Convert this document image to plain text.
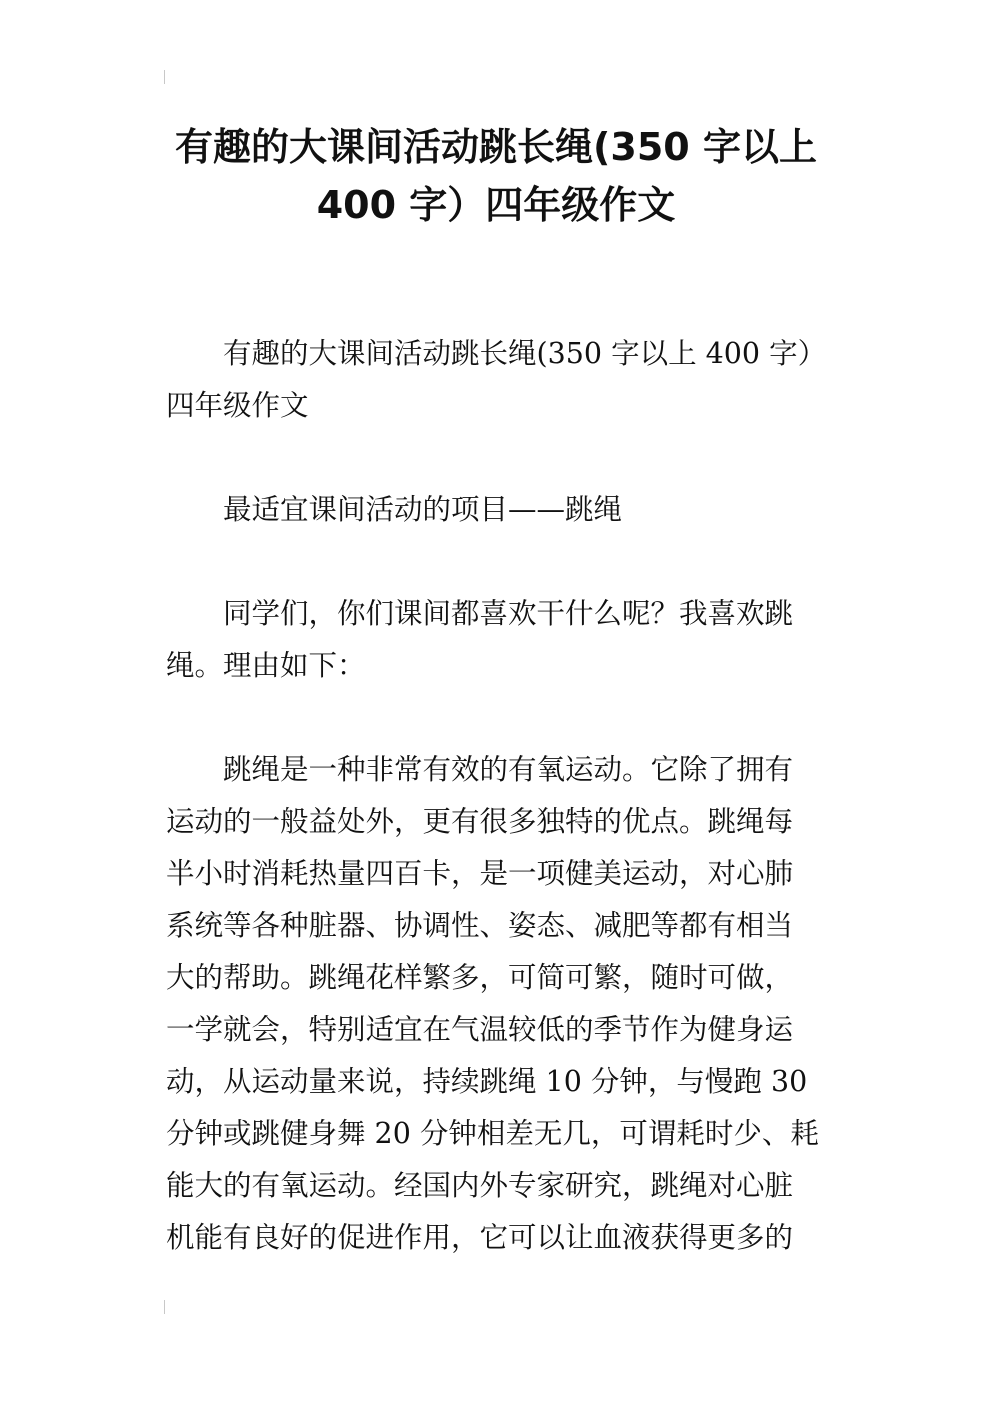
有趣的大课间活动跳长绳(350 字以上
400 字）四年级作文

有趣的大课间活动跳长绳(350 字以上 400 字）
四年级作文

最适宜课间活动的项目——跳绳

同学们，你们课间都喜欢干什么呢？我喜欢跳
绳。理由如下：

跳绳是一种非常有效的有氧运动。它除了拥有
运动的一般益处外，更有很多独特的优点。跳绳每
半小时消耗热量四百卡，是一项健美运动，对心肺
系统等各种脏器、协调性、姿态、减肥等都有相当
大的帮助。跳绳花样繁多，可简可繁，随时可做，
一学就会，特别适宜在气温较低的季节作为健身运
动，从运动量来说，持续跳绳 10 分钟，与慢跑 30
分钟或跳健身舞 20 分钟相差无几，可谓耗时少、耗
能大的有氧运动。经国内外专家研究，跳绳对心脏
机能有良好的促进作用，它可以让血液获得更多的
